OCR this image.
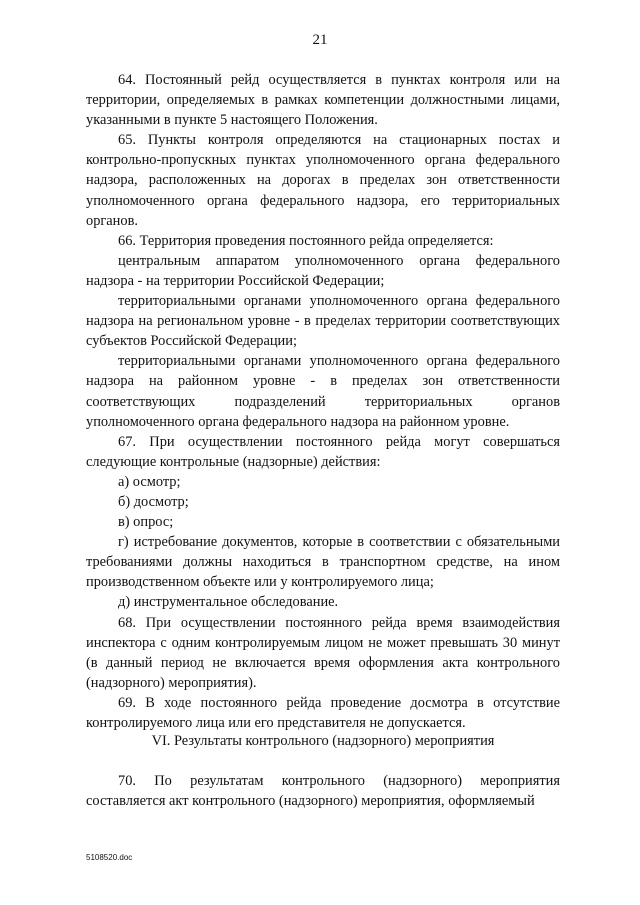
21

64. Постоянный рейд осуществляется в пунктах контроля или на территории, определяемых в рамках компетенции должностными лицами, указанными в пункте 5 настоящего Положения.

65. Пункты контроля определяются на стационарных постах и контрольно-пропускных пунктах уполномоченного органа федерального надзора, расположенных на дорогах в пределах зон ответственности уполномоченного органа федерального надзора, его территориальных органов.

66. Территория проведения постоянного рейда определяется:

центральным аппаратом уполномоченного органа федерального надзора - на территории Российской Федерации;

территориальными органами уполномоченного органа федерального надзора на региональном уровне - в пределах территории соответствующих субъектов Российской Федерации;

территориальными органами уполномоченного органа федерального надзора на районном уровне - в пределах зон ответственности соответствующих подразделений территориальных органов уполномоченного органа федерального надзора на районном уровне.

67. При осуществлении постоянного рейда могут совершаться следующие контрольные (надзорные) действия:

а) осмотр;

б) досмотр;

в) опрос;

г) истребование документов, которые в соответствии с обязательными требованиями должны находиться в транспортном средстве, на ином производственном объекте или у контролируемого лица;

д) инструментальное обследование.

68. При осуществлении постоянного рейда время взаимодействия инспектора с одним контролируемым лицом не может превышать 30 минут (в данный период не включается время оформления акта контрольного (надзорного) мероприятия).

69. В ходе постоянного рейда проведение досмотра в отсутствие контролируемого лица или его представителя не допускается.

VI. Результаты контрольного (надзорного) мероприятия

70. По результатам контрольного (надзорного) мероприятия составляется акт контрольного (надзорного) мероприятия, оформляемый

5108520.doc
